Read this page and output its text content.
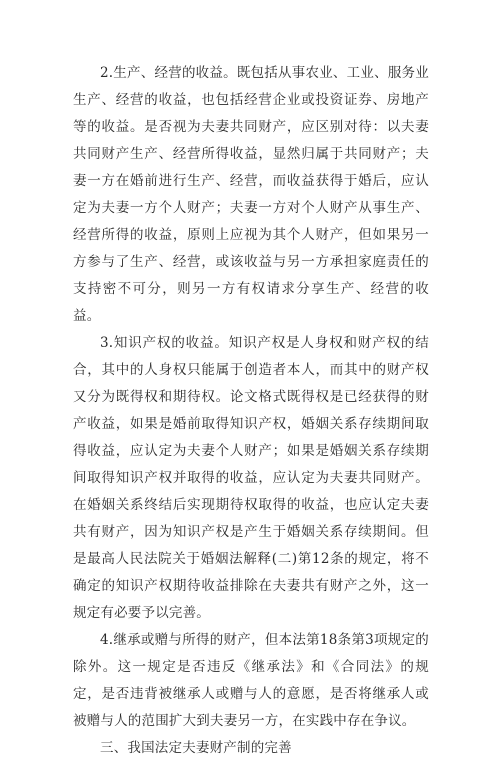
2.生产、经营的收益。既包括从事农业、工业、服务业生产、经营的收益，也包括经营企业或投资证券、房地产等的收益。是否视为夫妻共同财产，应区别对待：以夫妻共同财产生产、经营所得收益，显然归属于共同财产；夫妻一方在婚前进行生产、经营，而收益获得于婚后，应认定为夫妻一方个人财产；夫妻一方对个人财产从事生产、经营所得的收益，原则上应视为其个人财产，但如果另一方参与了生产、经营，或该收益与另一方承担家庭责任的支持密不可分，则另一方有权请求分享生产、经营的收益。

3.知识产权的收益。知识产权是人身权和财产权的结合，其中的人身权只能属于创造者本人，而其中的财产权又分为既得权和期待权。论文格式既得权是已经获得的财产收益，如果是婚前取得知识产权，婚姻关系存续期间取得收益，应认定为夫妻个人财产；如果是婚姻关系存续期间取得知识产权并取得的收益，应认定为夫妻共同财产。在婚姻关系终结后实现期待权取得的收益，也应认定夫妻共有财产，因为知识产权是产生于婚姻关系存续期间。但是最高人民法院关于婚姻法解释(二)第12条的规定，将不确定的知识产权期待收益排除在夫妻共有财产之外，这一规定有必要予以完善。

4.继承或赠与所得的财产，但本法第18条第3项规定的除外。这一规定是否违反《继承法》和《合同法》的规定，是否违背被继承人或赠与人的意愿，是否将继承人或被赠与人的范围扩大到夫妻另一方，在实践中存在争议。

三、我国法定夫妻财产制的完善
